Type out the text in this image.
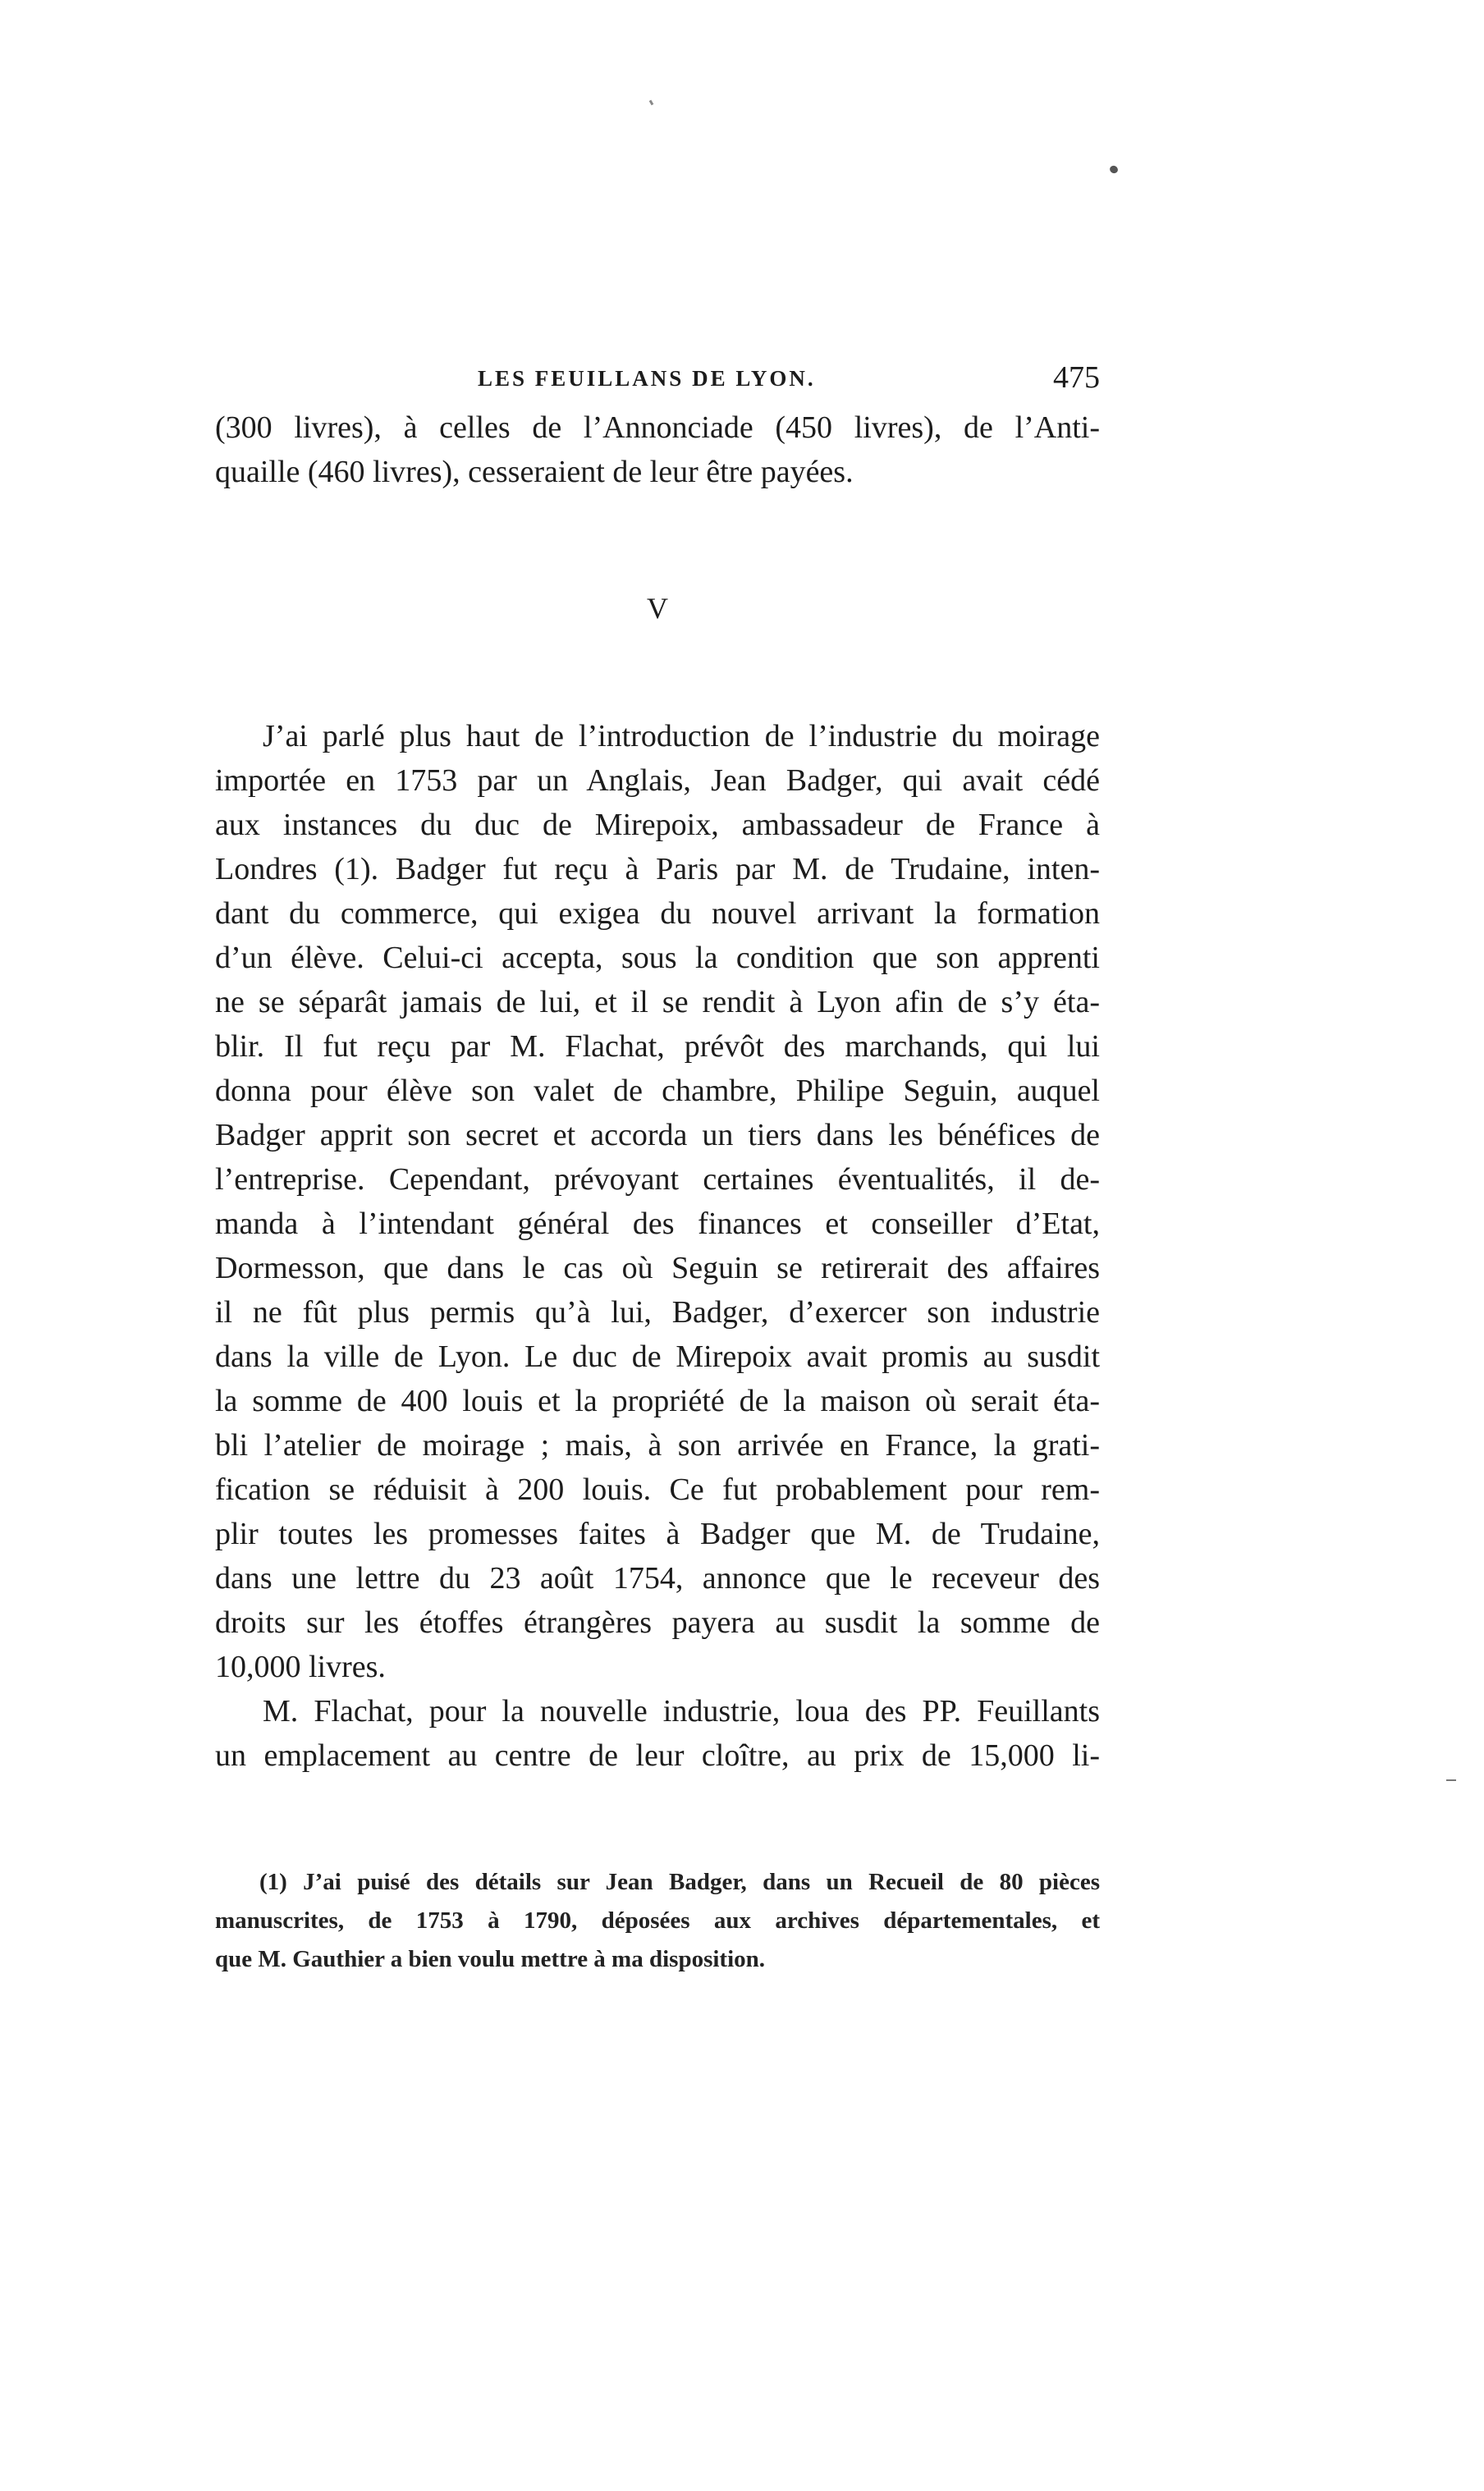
LES FEUILLANS DE LYON.	475
(300 livres), à celles de l’Annonciade (450 livres), de l’Anti-
quaille (460 livres), cesseraient de leur être payées.
V
J’ai parlé plus haut de l’introduction de l’industrie du moirage
importée en 1753 par un Anglais, Jean Badger, qui avait cédé
aux instances du duc de Mirepoix, ambassadeur de France à
Londres (1). Badger fut reçu à Paris par M. de Trudaine, inten-
dant du commerce, qui exigea du nouvel arrivant la formation
d’un élève. Celui-ci accepta, sous la condition que son apprenti
ne se séparât jamais de lui, et il se rendit à Lyon afin de s’y éta-
blir. Il fut reçu par M. Flachat, prévôt des marchands, qui lui
donna pour élève son valet de chambre, Philipe Seguin, auquel
Badger apprit son secret et accorda un tiers dans les bénéfices de
l’entreprise. Cependant, prévoyant certaines éventualités, il de-
manda à l’intendant général des finances et conseiller d’Etat,
Dormesson, que dans le cas où Seguin se retirerait des affaires
il ne fût plus permis qu’à lui, Badger, d’exercer son industrie
dans la ville de Lyon. Le duc de Mirepoix avait promis au susdit
la somme de 400 louis et la propriété de la maison où serait éta-
bli l’atelier de moirage ; mais, à son arrivée en France, la grati-
fication se réduisit à 200 louis. Ce fut probablement pour rem-
plir toutes les promesses faites à Badger que M. de Trudaine,
dans une lettre du 23 août 1754, annonce que le receveur des
droits sur les étoffes étrangères payera au susdit la somme de
10,000 livres.
M. Flachat, pour la nouvelle industrie, loua des PP. Feuillants
un emplacement au centre de leur cloître, au prix de 15,000 li-
(1) J’ai puisé des détails sur Jean Badger, dans un Recueil de 80 pièces
manuscrites, de 1753 à 1790, déposées aux archives départementales, et
que M. Gauthier a bien voulu mettre à ma disposition.
